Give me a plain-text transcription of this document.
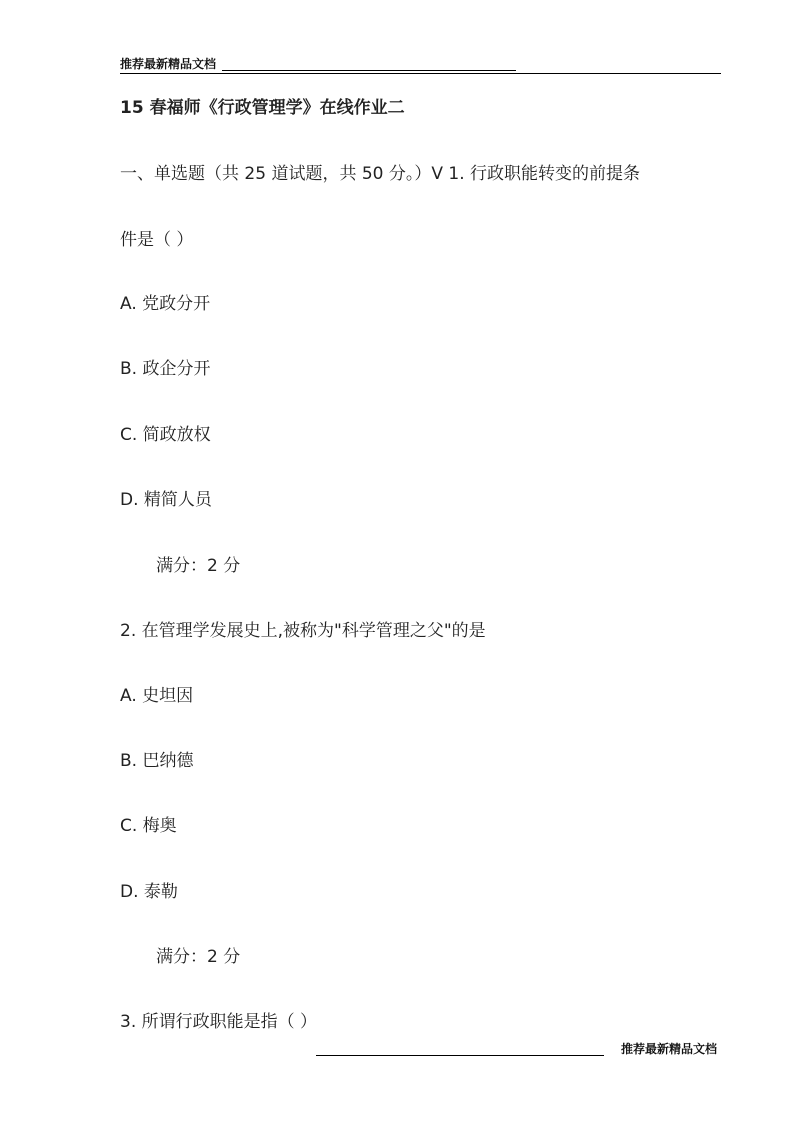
推荐最新精品文档
15 春福师《行政管理学》在线作业二
一、单选题（共 25 道试题，共 50 分。）V 1. 行政职能转变的前提条
件是（ ）
A. 党政分开
B. 政企分开
C. 简政放权
D. 精简人员
满分：2 分
2. 在管理学发展史上,被称为"科学管理之父"的是
A. 史坦因
B. 巴纳德
C. 梅奥
D. 泰勒
满分：2 分
3. 所谓行政职能是指（ ）
推荐最新精品文档
